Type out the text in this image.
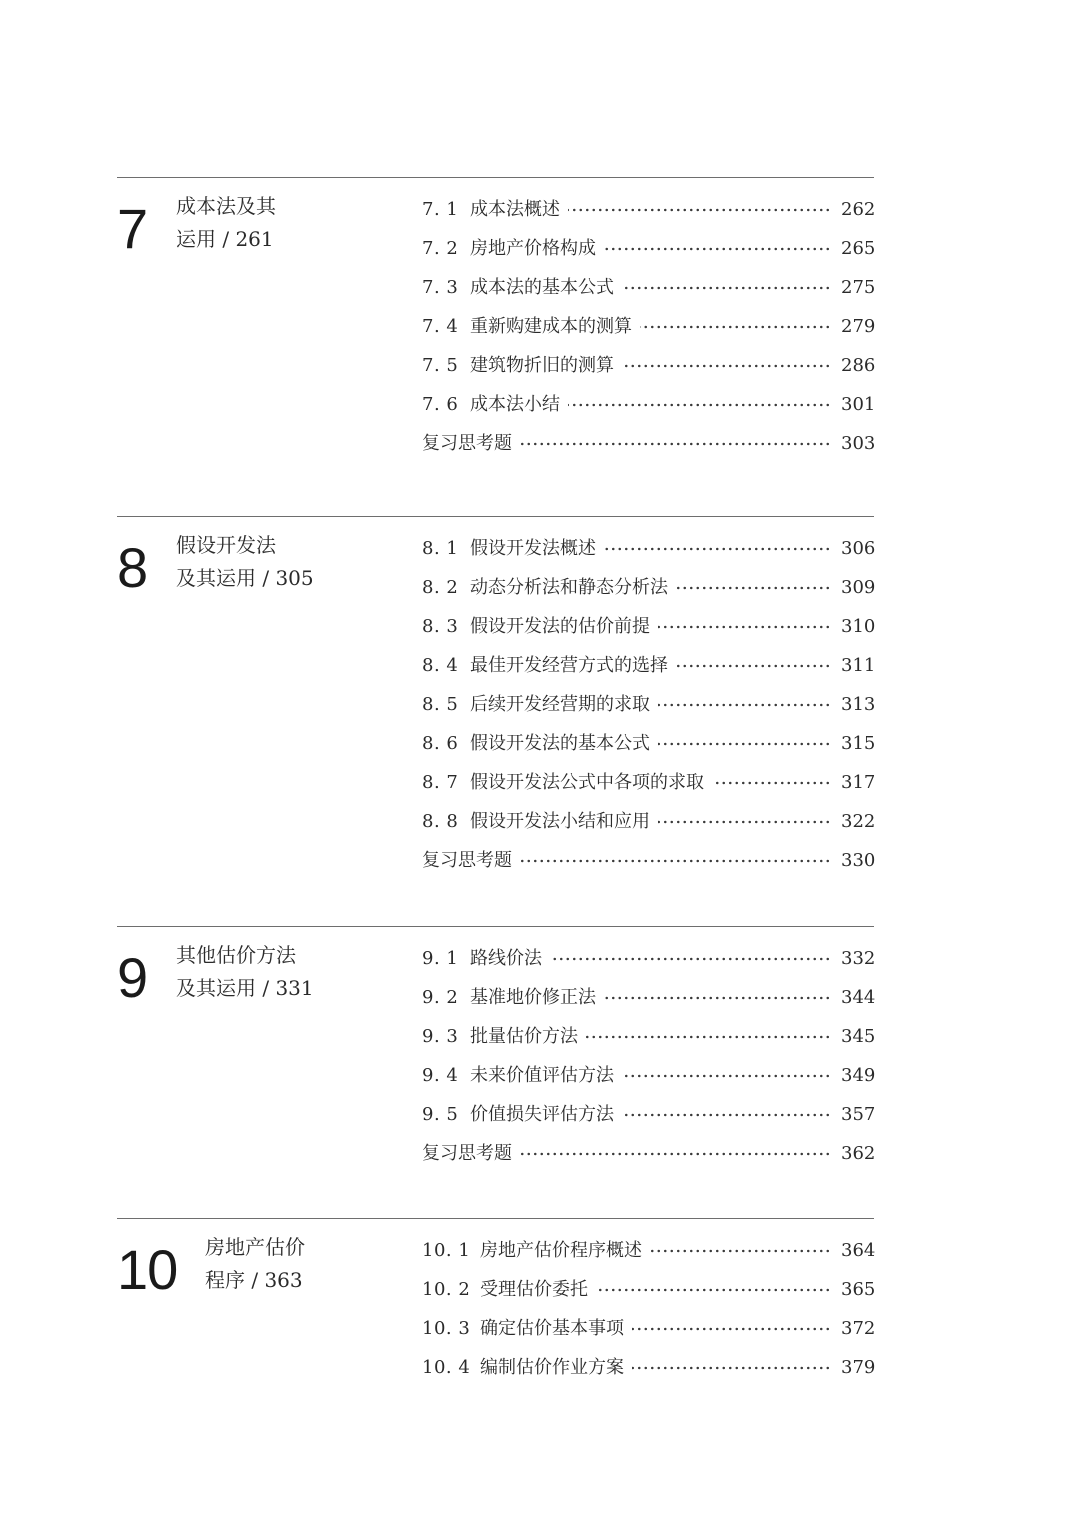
7 成本法及其
运用 / 261
7. 1 成本法概述	262
7. 2 房地产价格构成	265
7. 3 成本法的基本公式	275
7. 4 重新购建成本的测算	279
7. 5 建筑物折旧的测算	286
7. 6 成本法小结	301
复习思考题	303
8 假设开发法
及其运用 / 305
8. 1 假设开发法概述	306
8. 2 动态分析法和静态分析法	309
8. 3 假设开发法的估价前提	310
8. 4 最佳开发经营方式的选择	311
8. 5 后续开发经营期的求取	313
8. 6 假设开发法的基本公式	315
8. 7 假设开发法公式中各项的求取	317
8. 8 假设开发法小结和应用	322
复习思考题	330
9 其他估价方法
及其运用 / 331
9. 1 路线价法	332
9. 2 基准地价修正法	344
9. 3 批量估价方法	345
9. 4 未来价值评估方法	349
9. 5 价值损失评估方法	357
复习思考题	362
10 房地产估价
程序 / 363
10. 1 房地产估价程序概述	364
10. 2 受理估价委托	365
10. 3 确定估价基本事项	372
10. 4 编制估价作业方案	379
